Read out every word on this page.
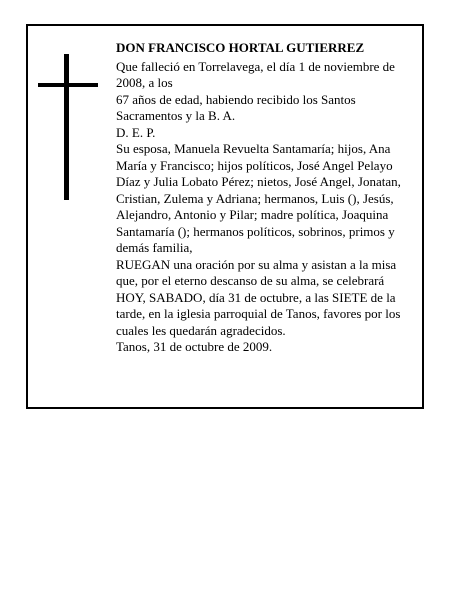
DON FRANCISCO HORTAL GUTIERREZ

Que falleció en Torrelavega, el día 1 de noviembre de 2008, a los

67 años de edad, habiendo recibido los Santos Sacramentos y la B. A.

D. E. P.

Su esposa, Manuela Revuelta Santamaría; hijos, Ana María y Francisco; hijos políticos, José Angel Pelayo Díaz y Julia Lobato Pérez; nietos, José Angel, Jonatan, Cristian, Zulema y Adriana; hermanos, Luis (), Jesús, Alejandro, Antonio y Pilar; madre política, Joaquina Santamaría (); hermanos políticos, sobrinos, primos y demás familia,

RUEGAN una oración por su alma y asistan a la misa que, por el eterno descanso de su alma, se celebrará HOY, SABADO, día 31 de octubre, a las SIETE de la tarde, en la iglesia parroquial de Tanos, favores por los cuales les quedarán agradecidos.

Tanos, 31 de octubre de 2009.
